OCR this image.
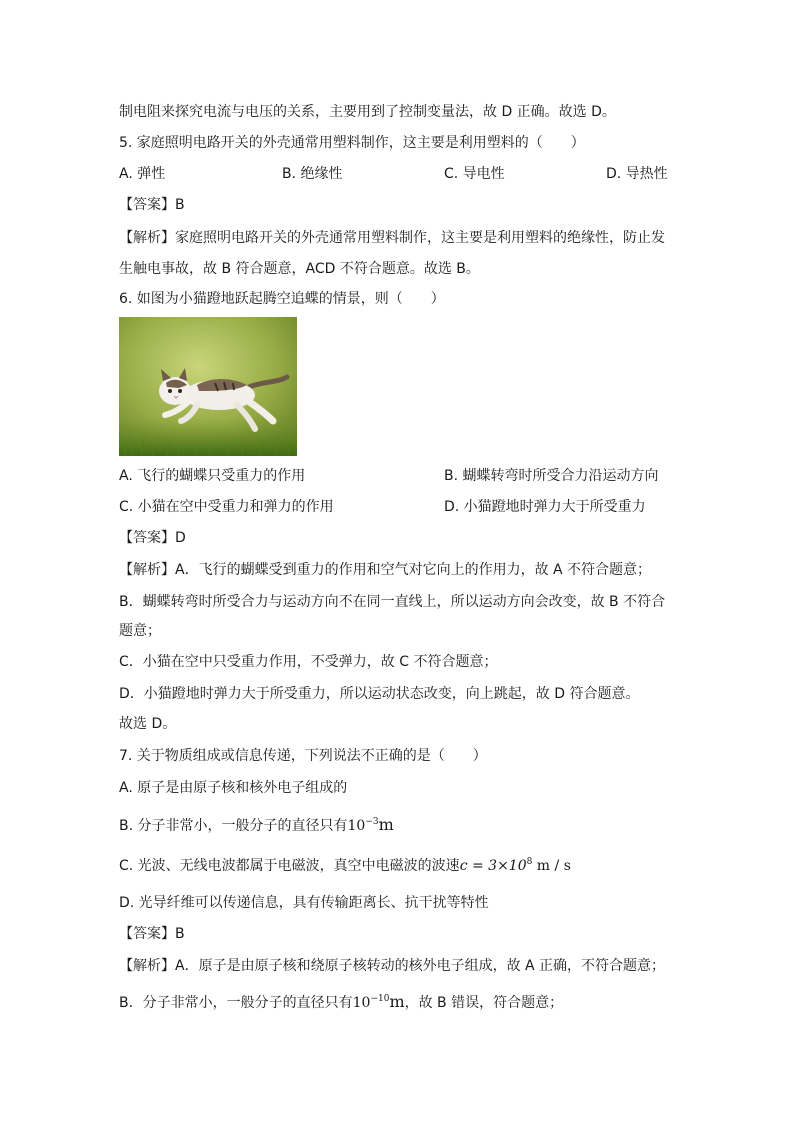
制电阻来探究电流与电压的关系，主要用到了控制变量法，故 D 正确。故选 D。
5. 家庭照明电路开关的外壳通常用塑料制作，这主要是利用塑料的（　　）
A. 弹性	B. 绝缘性	C. 导电性	D. 导热性
【答案】B
【解析】家庭照明电路开关的外壳通常用塑料制作，这主要是利用塑料的绝缘性，防止发
生触电事故，故 B 符合题意，ACD 不符合题意。故选 B。
6. 如图为小猫蹬地跃起腾空追蝶的情景，则（　　）
A. 飞行的蝴蝶只受重力的作用	B. 蝴蝶转弯时所受合力沿运动方向
C. 小猫在空中受重力和弹力的作用	D. 小猫蹬地时弹力大于所受重力
【答案】D
【解析】A．飞行的蝴蝶受到重力的作用和空气对它向上的作用力，故 A 不符合题意；
B．蝴蝶转弯时所受合力与运动方向不在同一直线上，所以运动方向会改变，故 B 不符合
题意；
C．小猫在空中只受重力作用，不受弹力，故 C 不符合题意；
D．小猫蹬地时弹力大于所受重力，所以运动状态改变，向上跳起，故 D 符合题意。
故选 D。
7. 关于物质组成或信息传递，下列说法不正确的是（　　）
A. 原子是由原子核和核外电子组成的
B. 分子非常小，一般分子的直径只有$10^{-3}m$
C. 光波、无线电波都属于电磁波，真空中电磁波的波速$c = 3\times 10^8$ m / s
D. 光导纤维可以传递信息，具有传输距离长、抗干扰等特性
【答案】B
【解析】A．原子是由原子核和绕原子核转动的核外电子组成，故 A 正确，不符合题意；
B．分子非常小，一般分子的直径只有$10^{-10}m$，故 B 错误，符合题意；
